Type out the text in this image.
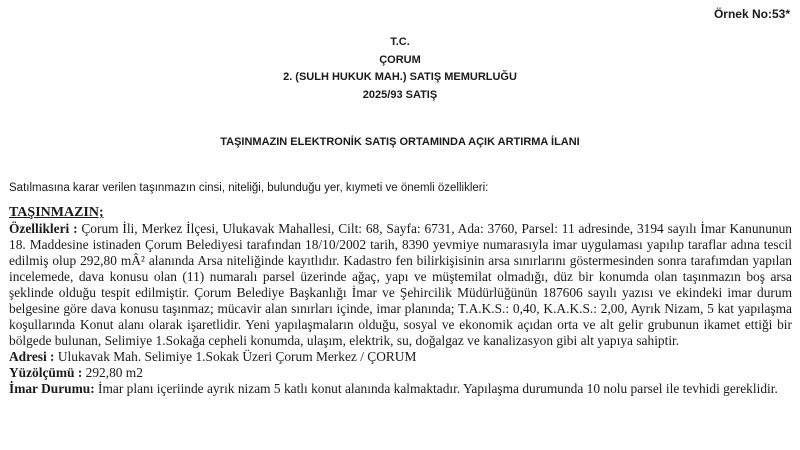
Örnek No:53*
T.C.
ÇORUM
2. (SULH HUKUK MAH.) SATIŞ MEMURLUĞU
2025/93 SATIŞ
TAŞINMAZIN ELEKTRONİK SATIŞ ORTAMINDA AÇIK ARTIRMA İLANI
Satılmasına karar verilen taşınmazın cinsi, niteliği, bulunduğu yer, kıymeti ve önemli özellikleri:
TAŞINMAZIN;

Özellikleri : Çorum İli, Merkez İlçesi, Ulukavak Mahallesi, Cilt: 68, Sayfa: 6731, Ada: 3760, Parsel: 11 adresinde, 3194 sayılı İmar Kanununun 18. Maddesine istinaden Çorum Belediyesi tarafından 18/10/2002 tarih, 8390 yevmiye numarasıyla imar uygulaması yapılıp taraflar adına tescil edilmiş olup 292,80 mÂ² alanında Arsa niteliğinde kayıtlıdır. Kadastro fen bilirkişisinin arsa sınırlarını göstermesinden sonra tarafımdan yapılan incelemede, dava konusu olan (11) numaralı parsel üzerinde ağaç, yapı ve müştemilat olmadığı, düz bir konumda olan taşınmazın boş arsa şeklinde olduğu tespit edilmiştir. Çorum Belediye Başkanlığı İmar ve Şehircilik Müdürlüğünün 187606 sayılı yazısı ve ekindeki imar durum belgesine göre dava konusu taşınmaz; mücavir alan sınırları içinde, imar planında; T.A.K.S.: 0,40, K.A.K.S.: 2,00, Ayrık Nizam, 5 kat yapılaşma koşullarında Konut alanı olarak işaretlidir. Yeni yapılaşmaların olduğu, sosyal ve ekonomik açıdan orta ve alt gelir grubunun ikamet ettiği bir bölgede bulunan, Selimiye 1.Sokağa cepheli konumda, ulaşım, elektrik, su, doğalgaz ve kanalizasyon gibi alt yapıya sahiptir.

Adresi : Ulukavak Mah. Selimiye 1.Sokak Üzeri Çorum Merkez / ÇORUM

Yüzölçümü : 292,80 m2

İmar Durumu: İmar planı içeriinde ayrık nizam 5 katlı konut alanında kalmaktadır. Yapılaşma durumunda 10 nolu parsel ile tevhidi gereklidir.
